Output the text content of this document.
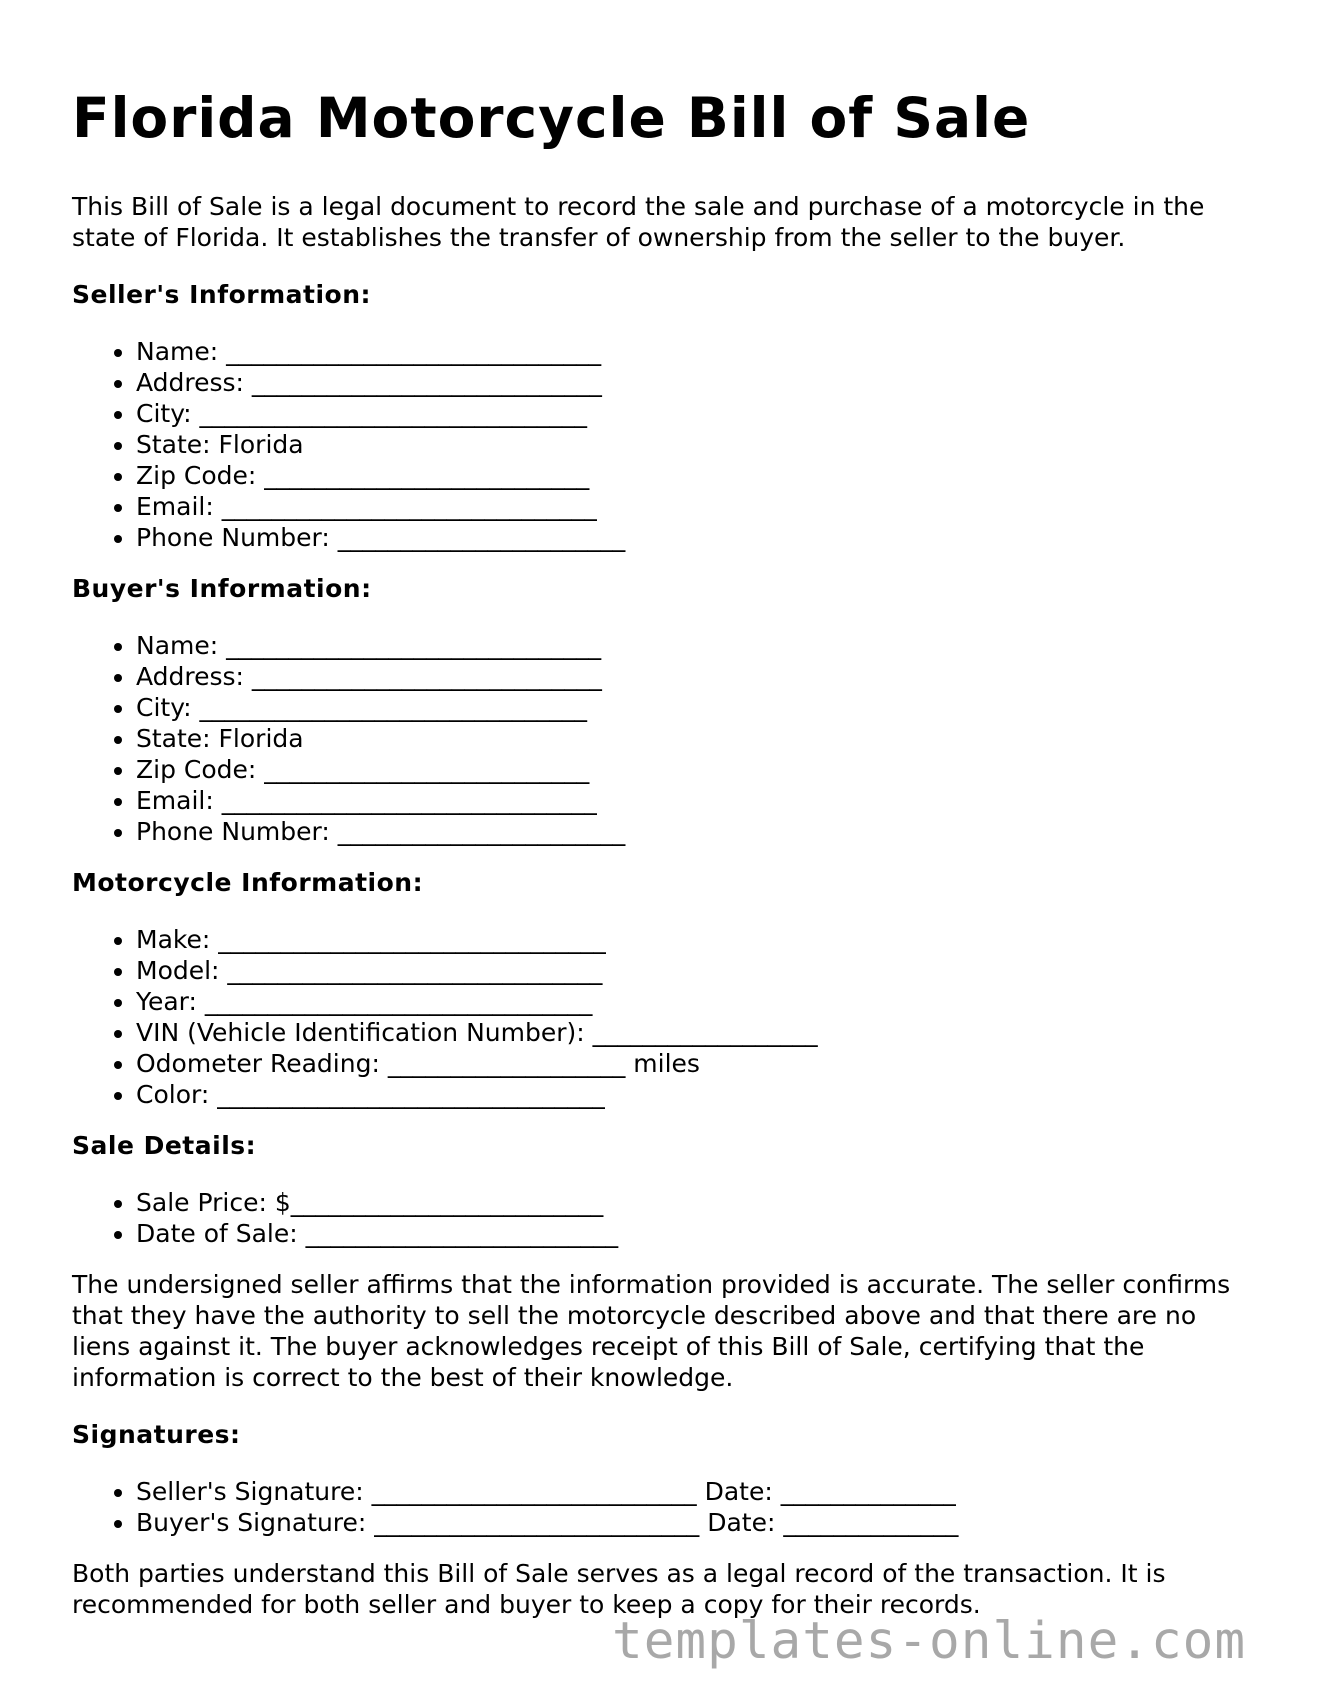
Florida Motorcycle Bill of Sale

This Bill of Sale is a legal document to record the sale and purchase of a motorcycle in the state of Florida. It establishes the transfer of ownership from the seller to the buyer.

Seller's Information:
• Name: ______________________________
• Address: ____________________________
• City: _______________________________
• State: Florida
• Zip Code: __________________________
• Email: ______________________________
• Phone Number: _______________________
Buyer's Information:
• Name: ______________________________
• Address: ____________________________
• City: _______________________________
• State: Florida
• Zip Code: __________________________
• Email: ______________________________
• Phone Number: _______________________
Motorcycle Information:
• Make: _______________________________
• Model: ______________________________
• Year: _______________________________
• VIN (Vehicle Identification Number): __________________
• Odometer Reading: ___________________ miles
• Color: _______________________________
Sale Details:
• Sale Price: $_________________________
• Date of Sale: _________________________

The undersigned seller affirms that the information provided is accurate. The seller confirms that they have the authority to sell the motorcycle described above and that there are no liens against it. The buyer acknowledges receipt of this Bill of Sale, certifying that the information is correct to the best of their knowledge.

Signatures:
• Seller's Signature: __________________________ Date: ______________
• Buyer's Signature: __________________________ Date: ______________

Both parties understand this Bill of Sale serves as a legal record of the transaction. It is recommended for both seller and buyer to keep a copy for their records.

templates-online.com
